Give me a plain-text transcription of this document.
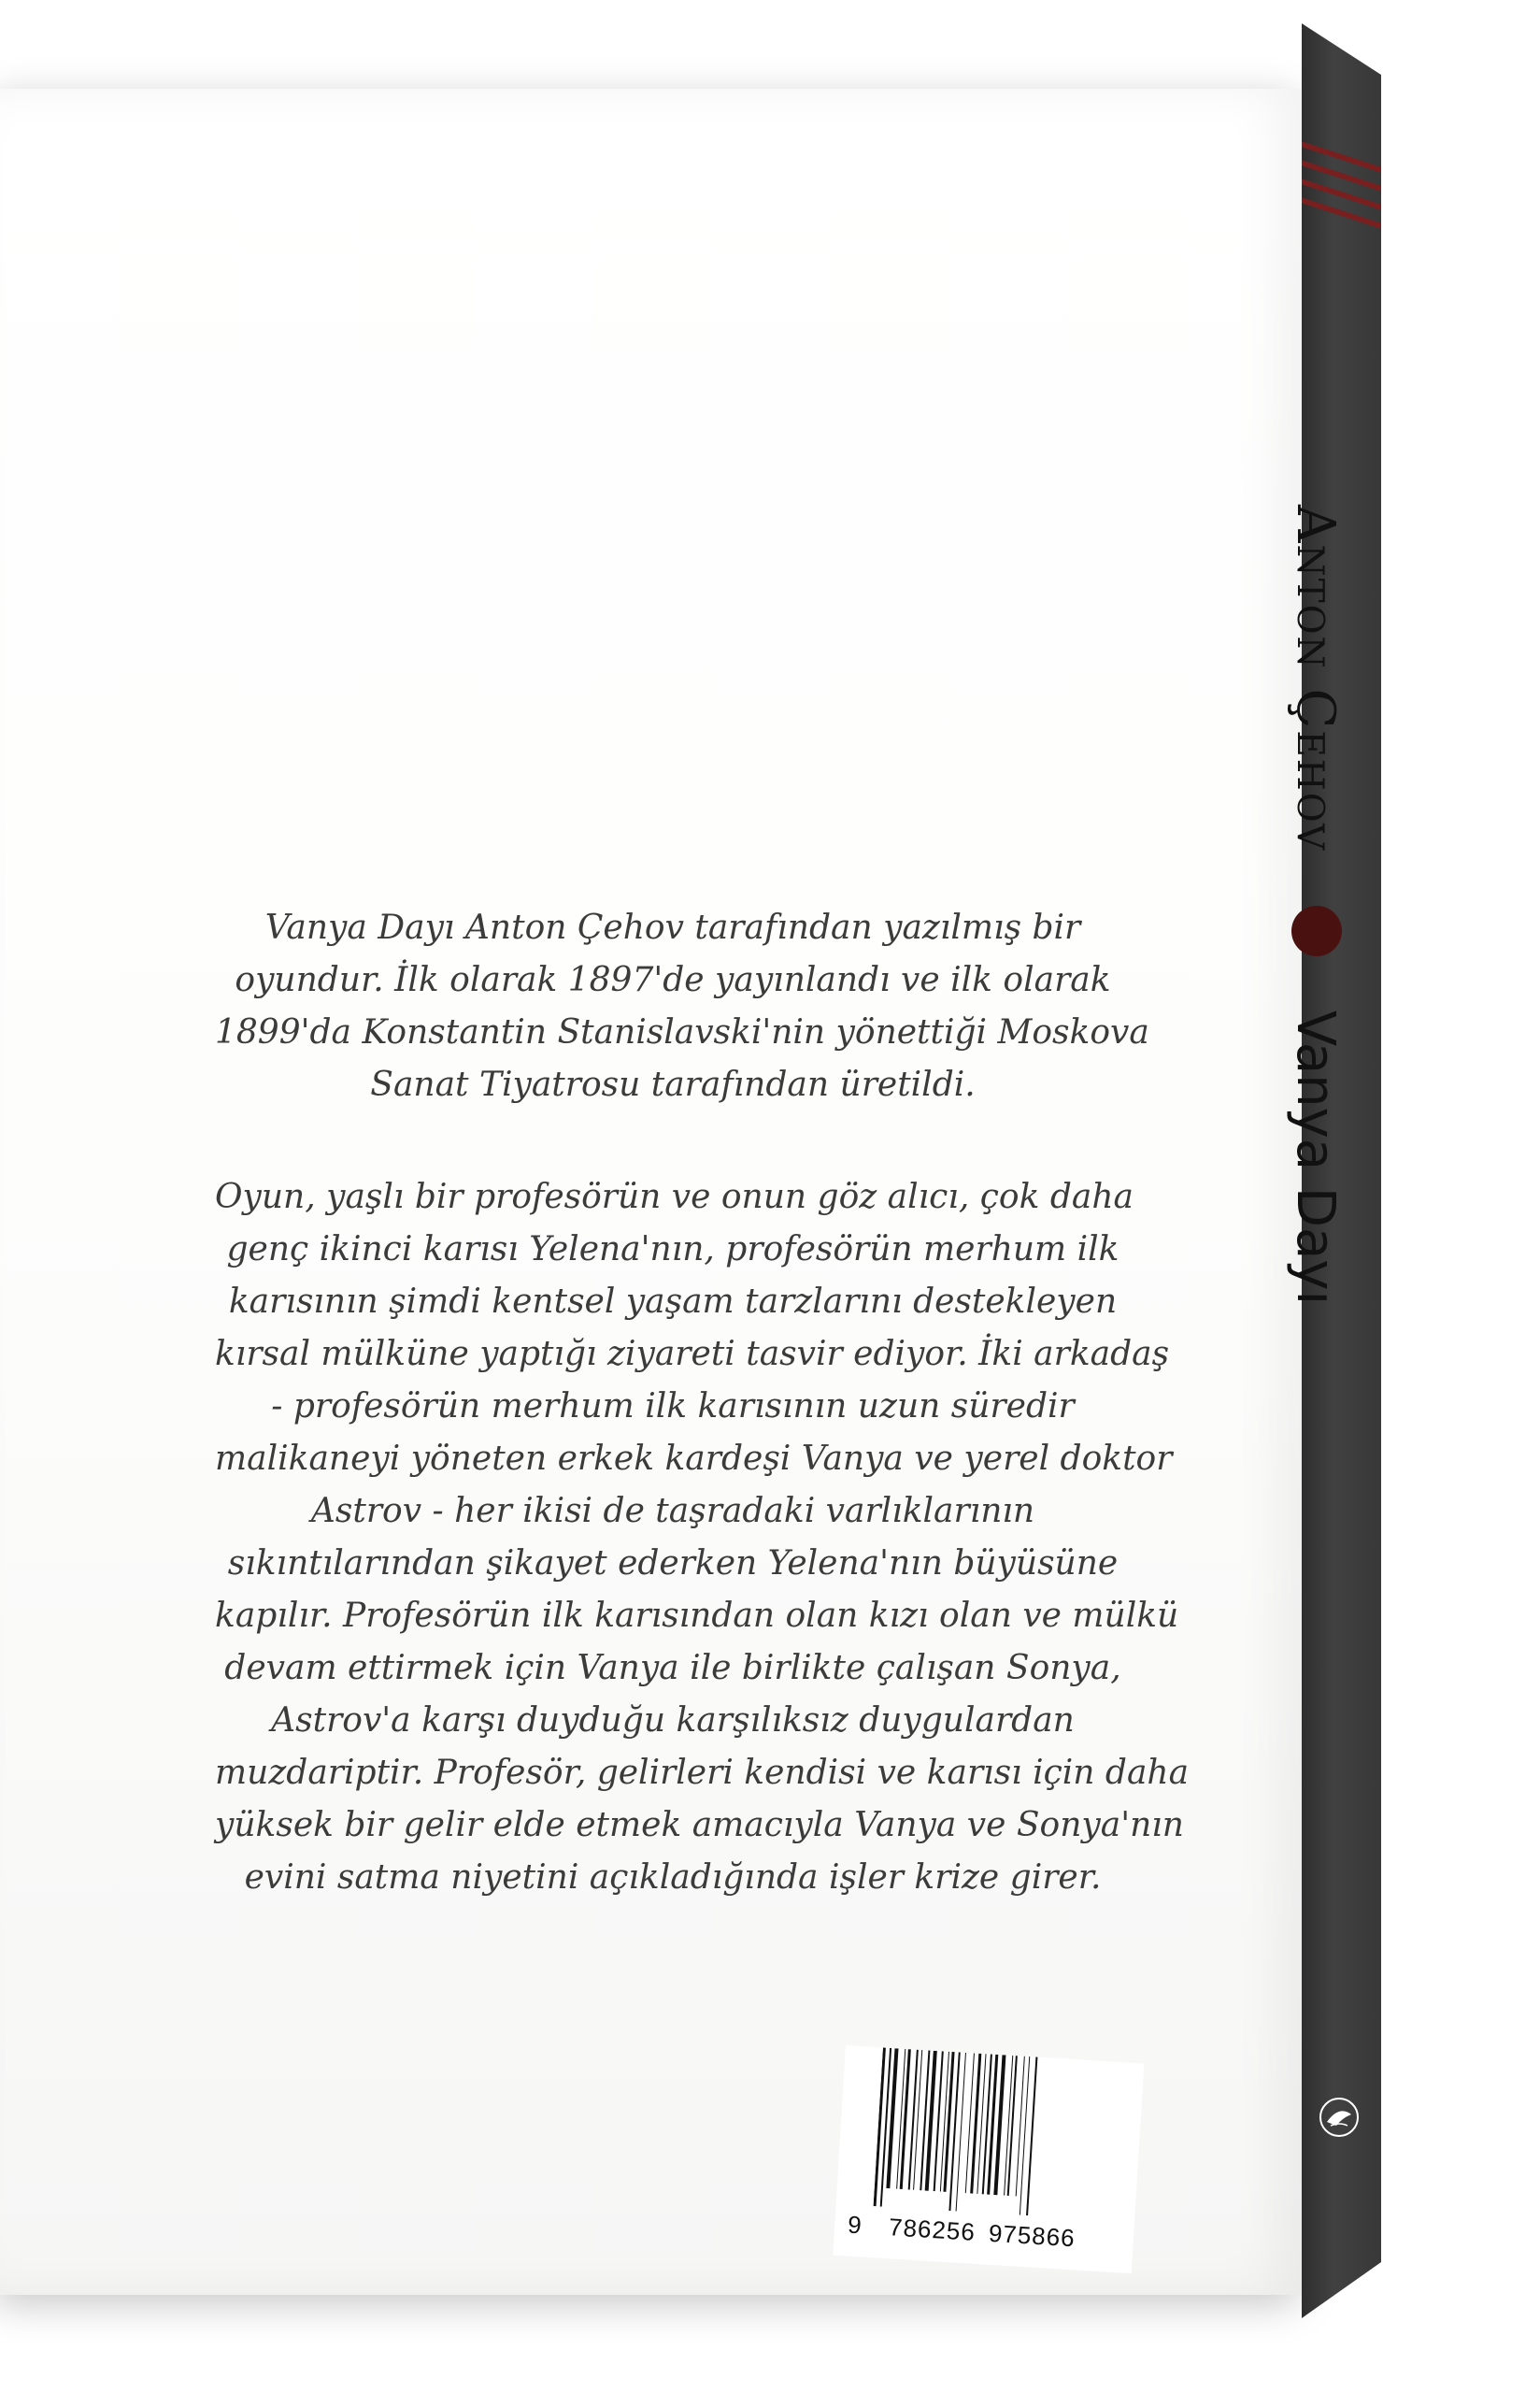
Vanya Dayı Anton Çehov tarafından yazılmış bir
oyundur. İlk olarak 1897'de yayınlandı ve ilk olarak
1899'da Konstantin Stanislavski'nin yönettiği Moskova
Sanat Tiyatrosu tarafından üretildi.
Oyun, yaşlı bir profesörün ve onun göz alıcı, çok daha
genç ikinci karısı Yelena'nın, profesörün merhum ilk
karısının şimdi kentsel yaşam tarzlarını destekleyen
kırsal mülküne yaptığı ziyareti tasvir ediyor. İki arkadaş
- profesörün merhum ilk karısının uzun süredir
malikaneyi yöneten erkek kardeşi Vanya ve yerel doktor
Astrov - her ikisi de taşradaki varlıklarının
sıkıntılarından şikayet ederken Yelena'nın büyüsüne
kapılır. Profesörün ilk karısından olan kızı olan ve mülkü
devam ettirmek için Vanya ile birlikte çalışan Sonya,
Astrov'a karşı duyduğu karşılıksız duygulardan
muzdariptir. Profesör, gelirleri kendisi ve karısı için daha
yüksek bir gelir elde etmek amacıyla Vanya ve Sonya'nın
evini satma niyetini açıkladığında işler krize girer.
9 786256 975866
Anton Çehov  Vanya Dayı
